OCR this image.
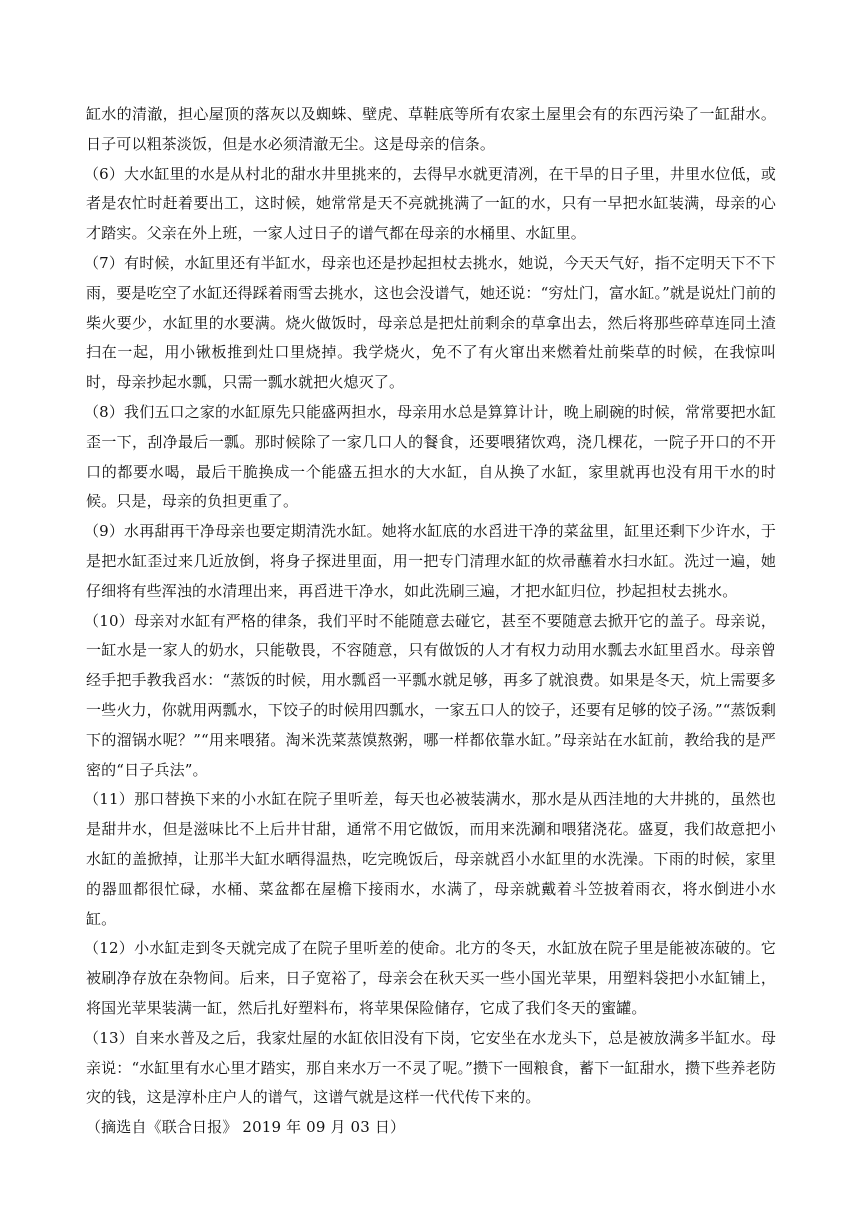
缸水的清澈，担心屋顶的落灰以及蜘蛛、壁虎、草鞋底等所有农家土屋里会有的东西污染了一缸甜水。日子可以粗茶淡饭，但是水必须清澈无尘。这是母亲的信条。

（6）大水缸里的水是从村北的甜水井里挑来的，去得早水就更清冽，在干旱的日子里，井里水位低，或者是农忙时赶着要出工，这时候，她常常是天不亮就挑满了一缸的水，只有一早把水缸装满，母亲的心才踏实。父亲在外上班，一家人过日子的谱气都在母亲的水桶里、水缸里。

（7）有时候，水缸里还有半缸水，母亲也还是抄起担杖去挑水，她说，今天天气好，指不定明天下不下雨，要是吃空了水缸还得踩着雨雪去挑水，这也会没谱气，她还说：“穷灶门，富水缸。”就是说灶门前的柴火要少，水缸里的水要满。烧火做饭时，母亲总是把灶前剩余的草拿出去，然后将那些碎草连同土渣扫在一起，用小锹板推到灶口里烧掉。我学烧火，免不了有火窜出来燃着灶前柴草的时候，在我惊叫时，母亲抄起水瓢，只需一瓢水就把火熄灭了。

（8）我们五口之家的水缸原先只能盛两担水，母亲用水总是算算计计，晚上刷碗的时候，常常要把水缸歪一下，刮净最后一瓢。那时候除了一家几口人的餐食，还要喂猪饮鸡，浇几棵花，一院子开口的不开口的都要水喝，最后干脆换成一个能盛五担水的大水缸，自从换了水缸，家里就再也没有用干水的时候。只是，母亲的负担更重了。

（9）水再甜再干净母亲也要定期清洗水缸。她将水缸底的水舀进干净的菜盆里，缸里还剩下少许水，于是把水缸歪过来几近放倒，将身子探进里面，用一把专门清理水缸的炊帚蘸着水扫水缸。洗过一遍，她仔细将有些浑浊的水清理出来，再舀进干净水，如此洗刷三遍，才把水缸归位，抄起担杖去挑水。

（10）母亲对水缸有严格的律条，我们平时不能随意去碰它，甚至不要随意去掀开它的盖子。母亲说，一缸水是一家人的奶水，只能敬畏，不容随意，只有做饭的人才有权力动用水瓢去水缸里舀水。母亲曾经手把手教我舀水：“蒸饭的时候，用水瓢舀一平瓢水就足够，再多了就浪费。如果是冬天，炕上需要多一些火力，你就用两瓢水，下饺子的时候用四瓢水，一家五口人的饺子，还要有足够的饺子汤。”“蒸饭剩下的溜锅水呢？”“用来喂猪。淘米洗菜蒸馍熬粥，哪一样都依靠水缸。”母亲站在水缸前，教给我的是严密的“日子兵法”。

（11）那口替换下来的小水缸在院子里听差，每天也必被装满水，那水是从西洼地的大井挑的，虽然也是甜井水，但是滋味比不上后井甘甜，通常不用它做饭，而用来洗涮和喂猪浇花。盛夏，我们故意把小水缸的盖掀掉，让那半大缸水晒得温热，吃完晚饭后，母亲就舀小水缸里的水洗澡。下雨的时候，家里的器皿都很忙碌，水桶、菜盆都在屋檐下接雨水，水满了，母亲就戴着斗笠披着雨衣，将水倒进小水缸。

（12）小水缸走到冬天就完成了在院子里听差的使命。北方的冬天，水缸放在院子里是能被冻破的。它被刷净存放在杂物间。后来，日子宽裕了，母亲会在秋天买一些小国光苹果，用塑料袋把小水缸铺上，将国光苹果装满一缸，然后扎好塑料布，将苹果保险储存，它成了我们冬天的蜜罐。

（13）自来水普及之后，我家灶屋的水缸依旧没有下岗，它安坐在水龙头下，总是被放满多半缸水。母亲说：“水缸里有水心里才踏实，那自来水万一不灵了呢。”攒下一囤粮食，蓄下一缸甜水，攒下些养老防灾的钱，这是淳朴庄户人的谱气，这谱气就是这样一代代传下来的。

（摘选自《联合日报》 2019 年 09 月 03 日）
